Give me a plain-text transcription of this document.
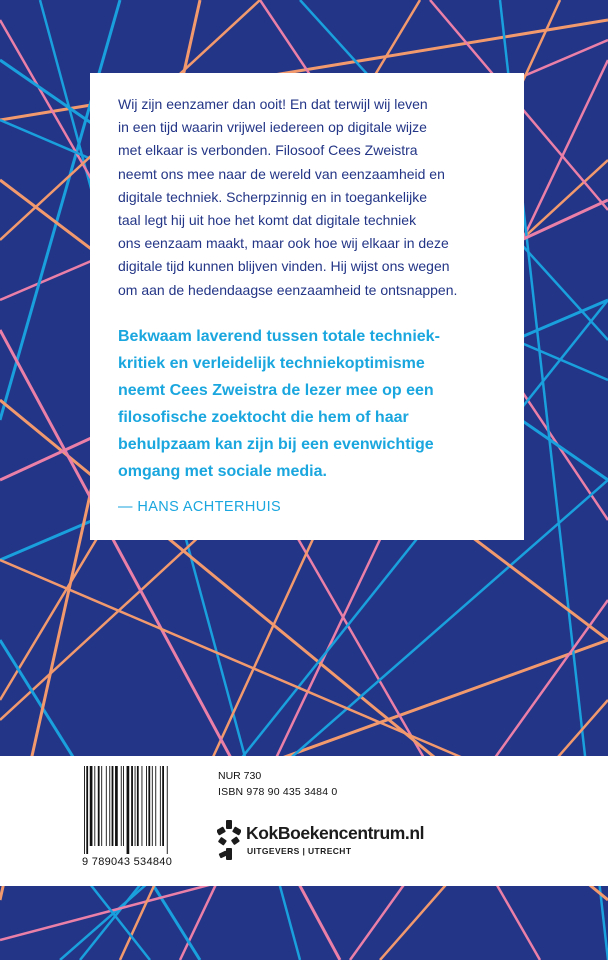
Wij zijn eenzamer dan ooit! En dat terwijl wij leven
in een tijd waarin vrijwel iedereen op digitale wijze
met elkaar is verbonden. Filosoof Cees Zweistra
neemt ons mee naar de wereld van eenzaamheid en
digitale techniek. Scherpzinnig en in toegankelijke
taal legt hij uit hoe het komt dat digitale techniek
ons eenzaam maakt, maar ook hoe wij elkaar in deze
digitale tijd kunnen blijven vinden. Hij wijst ons wegen
om aan de hedendaagse eenzaamheid te ontsnappen.

Bekwaam laverend tussen totale techniek-
kritiek en verleidelijk techniekoptimisme
neemt Cees Zweistra de lezer mee op een
filosofische zoektocht die hem of haar
behulpzaam kan zijn bij een evenwichtige
omgang met sociale media.

— HANS ACHTERHUIS

9 789043 534840
NUR 730
ISBN 978 90 435 3484 0
KokBoekencentrum.nl
UITGEVERS | UTRECHT
